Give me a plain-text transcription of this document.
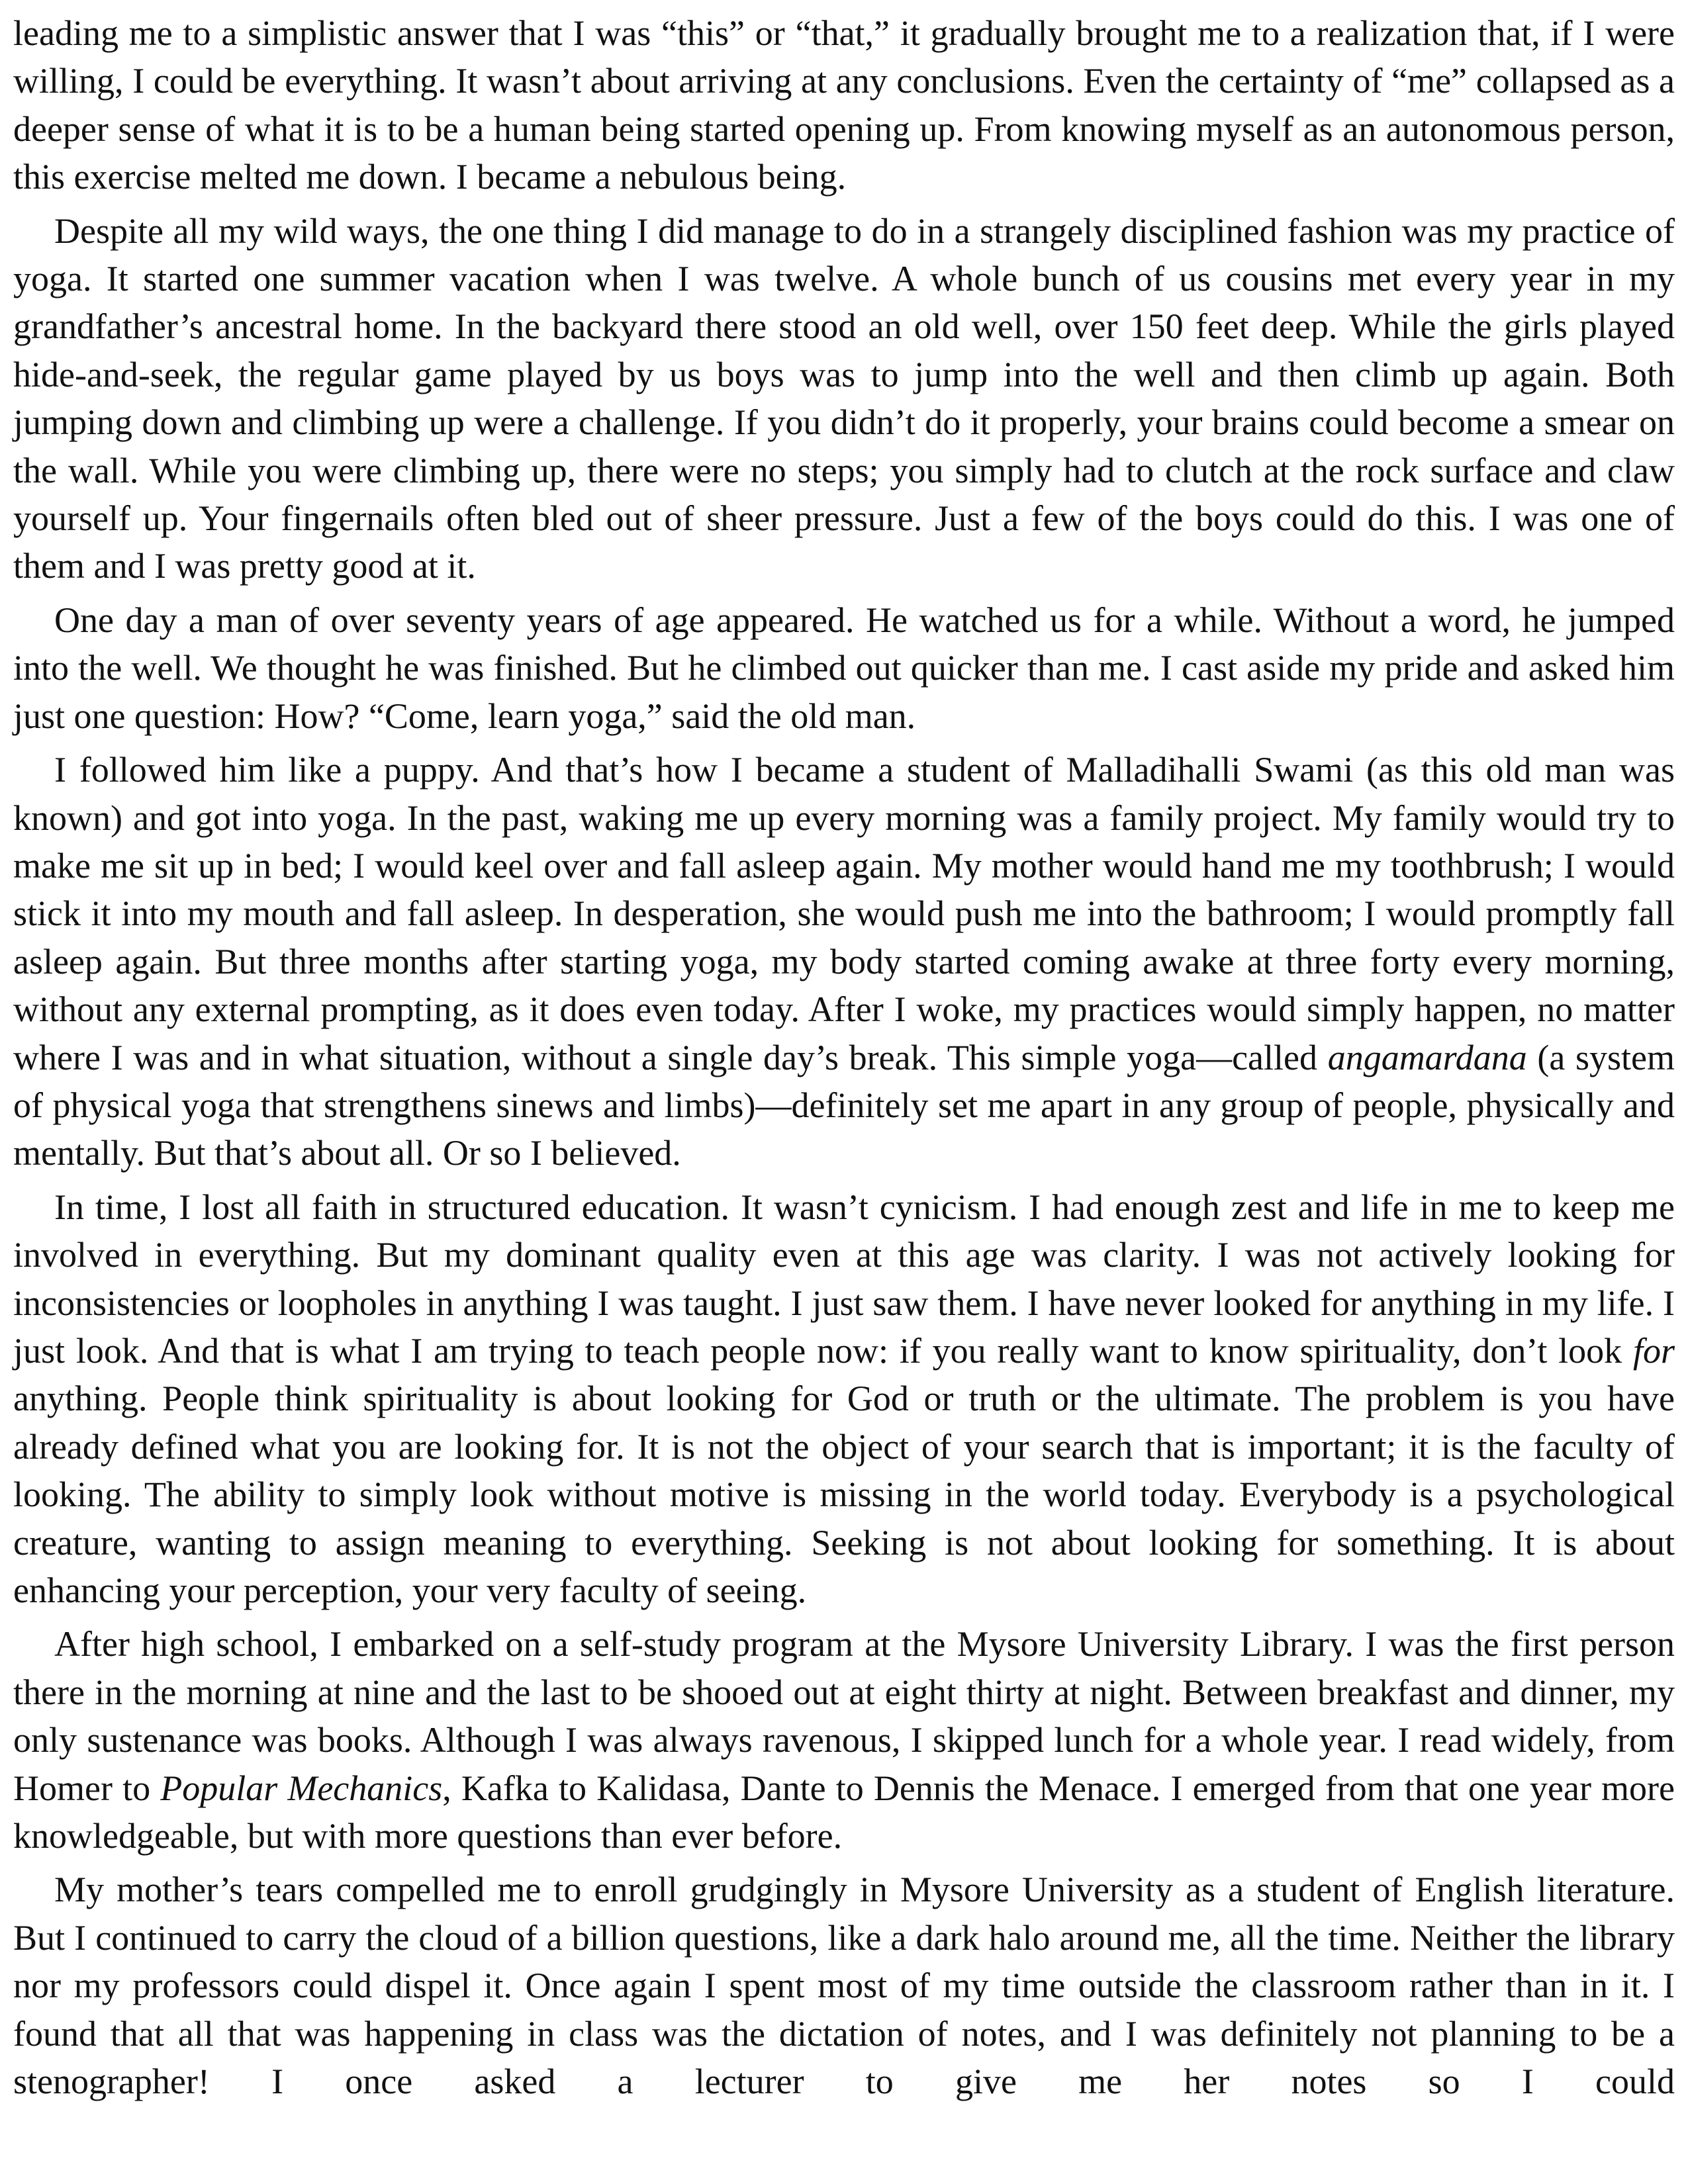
leading me to a simplistic answer that I was “this” or “that,” it gradually brought me to a realization that, if I were willing, I could be everything. It wasn’t about arriving at any conclusions. Even the certainty of “me” collapsed as a deeper sense of what it is to be a human being started opening up. From knowing myself as an autonomous person, this exercise melted me down. I became a nebulous being.

Despite all my wild ways, the one thing I did manage to do in a strangely disciplined fashion was my practice of yoga. It started one summer vacation when I was twelve. A whole bunch of us cousins met every year in my grandfather’s ancestral home. In the backyard there stood an old well, over 150 feet deep. While the girls played hide-and-seek, the regular game played by us boys was to jump into the well and then climb up again. Both jumping down and climbing up were a challenge. If you didn’t do it properly, your brains could become a smear on the wall. While you were climbing up, there were no steps; you simply had to clutch at the rock surface and claw yourself up. Your fingernails often bled out of sheer pressure. Just a few of the boys could do this. I was one of them and I was pretty good at it.

One day a man of over seventy years of age appeared. He watched us for a while. Without a word, he jumped into the well. We thought he was finished. But he climbed out quicker than me. I cast aside my pride and asked him just one question: How? “Come, learn yoga,” said the old man.

I followed him like a puppy. And that’s how I became a student of Malladihalli Swami (as this old man was known) and got into yoga. In the past, waking me up every morning was a family project. My family would try to make me sit up in bed; I would keel over and fall asleep again. My mother would hand me my toothbrush; I would stick it into my mouth and fall asleep. In desperation, she would push me into the bathroom; I would promptly fall asleep again. But three months after starting yoga, my body started coming awake at three forty every morning, without any external prompting, as it does even today. After I woke, my practices would simply happen, no matter where I was and in what situation, without a single day’s break. This simple yoga—called angamardana (a system of physical yoga that strengthens sinews and limbs)—definitely set me apart in any group of people, physically and mentally. But that’s about all. Or so I believed.

In time, I lost all faith in structured education. It wasn’t cynicism. I had enough zest and life in me to keep me involved in everything. But my dominant quality even at this age was clarity. I was not actively looking for inconsistencies or loopholes in anything I was taught. I just saw them. I have never looked for anything in my life. I just look. And that is what I am trying to teach people now: if you really want to know spirituality, don’t look for anything. People think spirituality is about looking for God or truth or the ultimate. The problem is you have already defined what you are looking for. It is not the object of your search that is important; it is the faculty of looking. The ability to simply look without motive is missing in the world today. Everybody is a psychological creature, wanting to assign meaning to everything. Seeking is not about looking for something. It is about enhancing your perception, your very faculty of seeing.

After high school, I embarked on a self-study program at the Mysore University Library. I was the first person there in the morning at nine and the last to be shooed out at eight thirty at night. Between breakfast and dinner, my only sustenance was books. Although I was always ravenous, I skipped lunch for a whole year. I read widely, from Homer to Popular Mechanics, Kafka to Kalidasa, Dante to Dennis the Menace. I emerged from that one year more knowledgeable, but with more questions than ever before.

My mother’s tears compelled me to enroll grudgingly in Mysore University as a student of English literature. But I continued to carry the cloud of a billion questions, like a dark halo around me, all the time. Neither the library nor my professors could dispel it. Once again I spent most of my time outside the classroom rather than in it. I found that all that was happening in class was the dictation of notes, and I was definitely not planning to be a stenographer! I once asked a lecturer to give me her notes so I could
